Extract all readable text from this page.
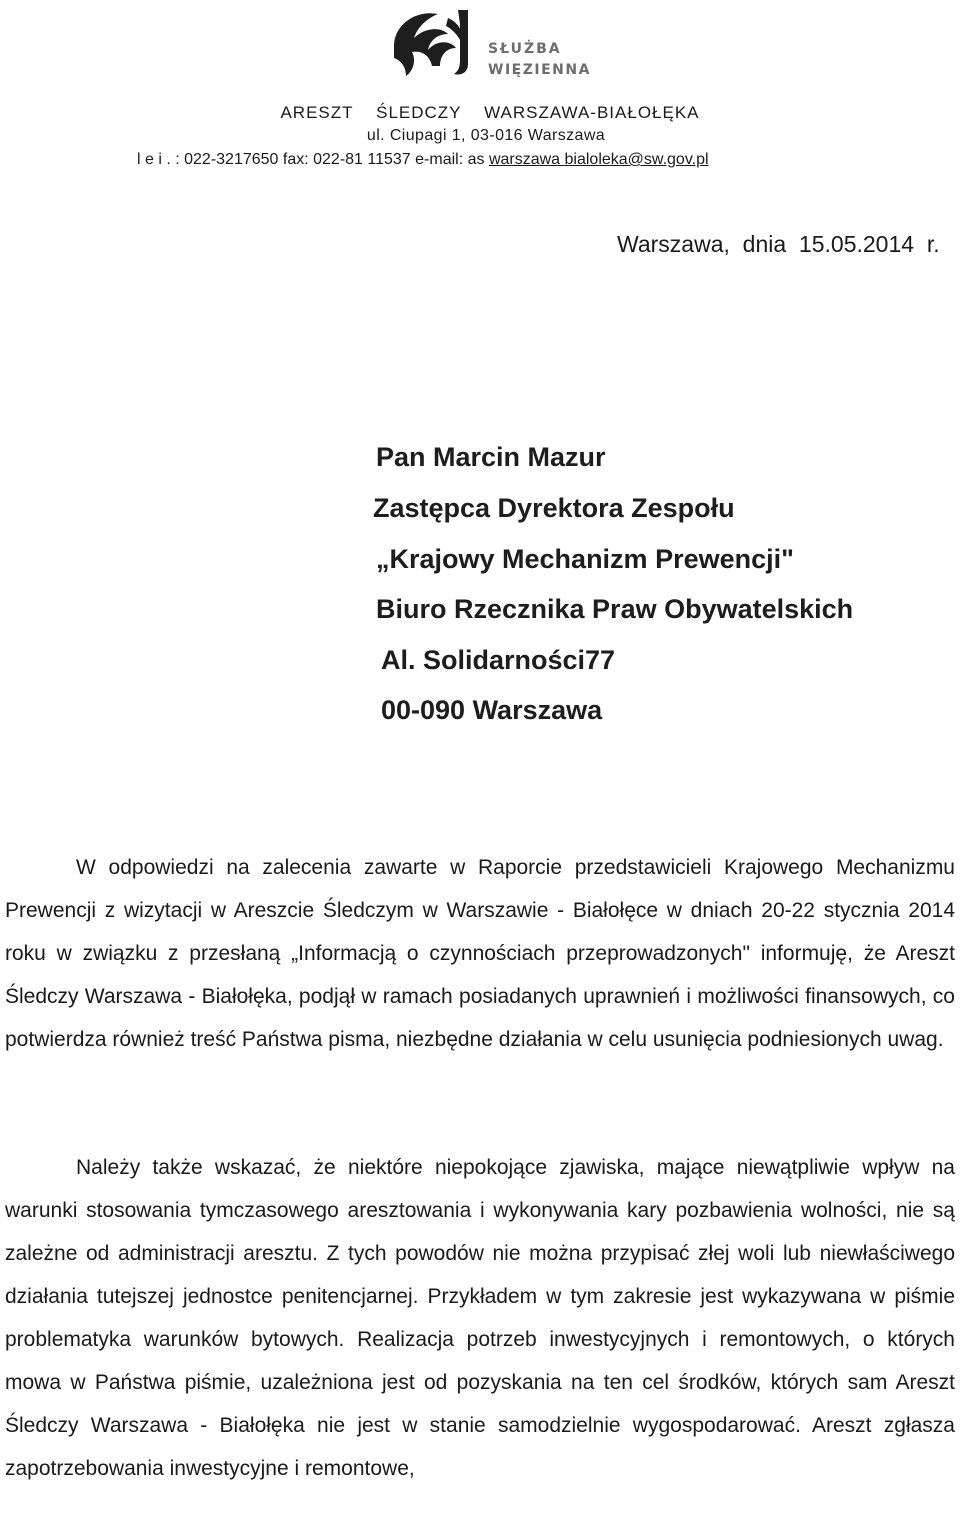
SŁUŻBA
WIĘZIENNA
ARESZT    ŚLEDCZY    WARSZAWA-BIAŁOŁĘKA
ul. Ciupagi 1, 03-016 Warszawa
l e i . : 022-3217650 fax: 022-81 11537 e-mail: as warszawa bialoleka@sw.gov.pl
Warszawa,  dnia  15.05.2014  r.
Pan Marcin Mazur
Zastępca Dyrektora Zespołu
„Krajowy Mechanizm Prewencji"
Biuro Rzecznika Praw Obywatelskich
Al. Solidarności77
00-090 Warszawa
W odpowiedzi na zalecenia zawarte w Raporcie przedstawicieli Krajowego Mechanizmu Prewencji z wizytacji w Areszcie Śledczym w Warszawie - Białołęce w dniach 20-22 stycznia 2014 roku w związku z przesłaną „Informacją o czynnościach przeprowadzonych" informuję, że Areszt Śledczy Warszawa - Białołęka, podjął w ramach posiadanych uprawnień i możliwości finansowych, co potwierdza również treść Państwa pisma, niezbędne działania w celu usunięcia podniesionych uwag.
Należy także wskazać, że niektóre niepokojące zjawiska, mające niewątpliwie wpływ na warunki stosowania tymczasowego aresztowania i wykonywania kary pozbawienia wolności, nie są zależne od administracji aresztu. Z tych powodów nie można przypisać złej woli lub niewłaściwego działania tutejszej jednostce penitencjarnej. Przykładem w tym zakresie jest wykazywana w piśmie problematyka warunków bytowych. Realizacja potrzeb inwestycyjnych i remontowych, o których mowa w Państwa piśmie, uzależniona jest od pozyskania na ten cel środków, których sam Areszt Śledczy Warszawa - Białołęka nie jest w stanie samodzielnie wygospodarować. Areszt zgłasza zapotrzebowania inwestycyjne i remontowe,
